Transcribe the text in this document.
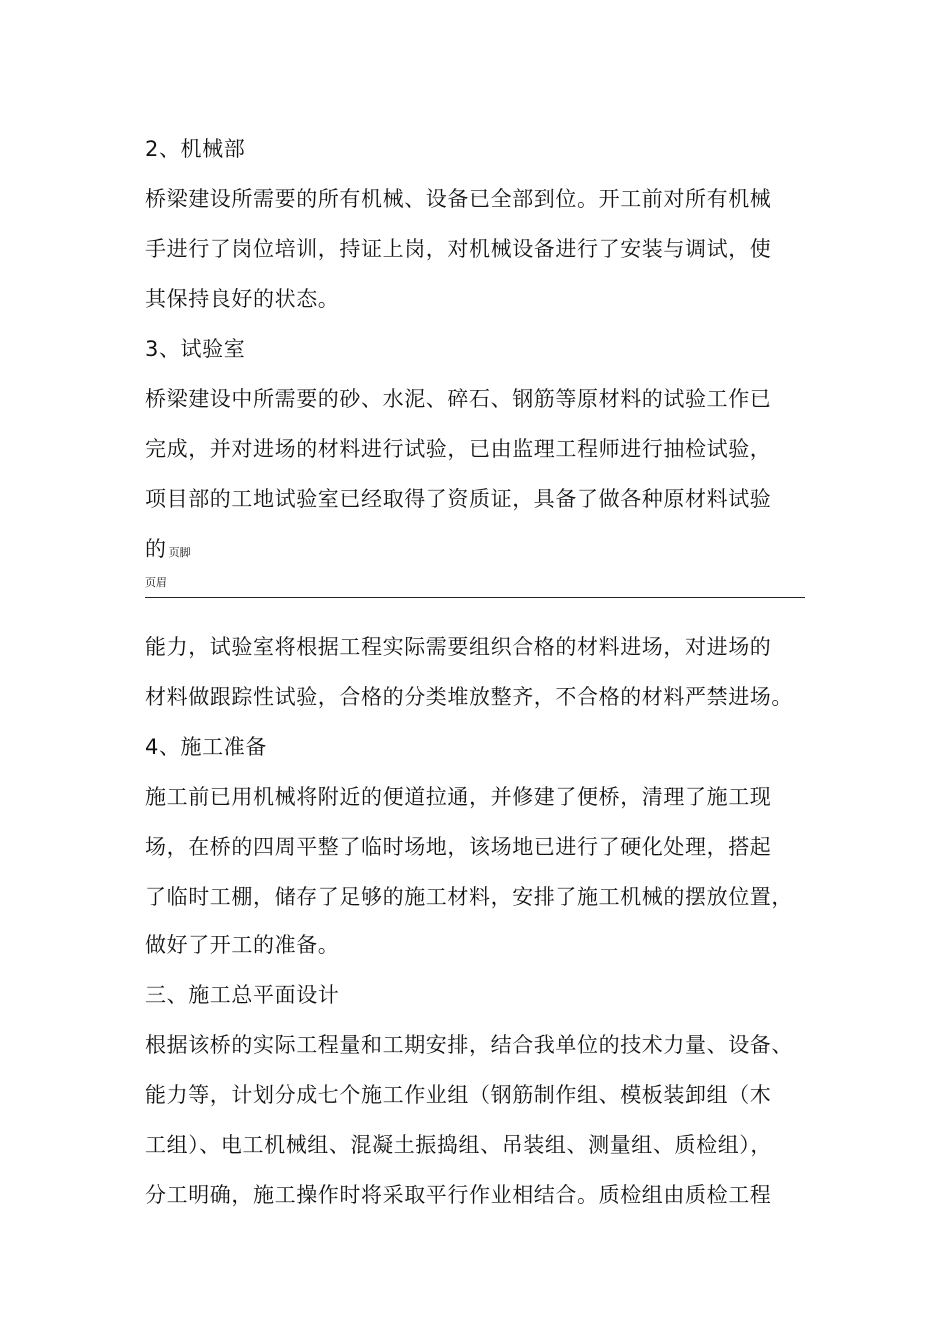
2、机械部
桥梁建设所需要的所有机械、设备已全部到位。开工前对所有机械
手进行了岗位培训，持证上岗，对机械设备进行了安装与调试，使
其保持良好的状态。
3、试验室
桥梁建设中所需要的砂、水泥、碎石、钢筋等原材料的试验工作已
完成，并对进场的材料进行试验，已由监理工程师进行抽检试验，
项目部的工地试验室已经取得了资质证，具备了做各种原材料试验
的页脚
页眉
能力，试验室将根据工程实际需要组织合格的材料进场，对进场的
材料做跟踪性试验，合格的分类堆放整齐，不合格的材料严禁进场。
4、施工准备
施工前已用机械将附近的便道拉通，并修建了便桥，清理了施工现
场，在桥的四周平整了临时场地，该场地已进行了硬化处理，搭起
了临时工棚，储存了足够的施工材料，安排了施工机械的摆放位置，
做好了开工的准备。
三、施工总平面设计
根据该桥的实际工程量和工期安排，结合我单位的技术力量、设备、
能力等，计划分成七个施工作业组（钢筋制作组、模板装卸组（木
工组）、电工机械组、混凝土振捣组、吊装组、测量组、质检组），
分工明确，施工操作时将采取平行作业相结合。质检组由质检工程
